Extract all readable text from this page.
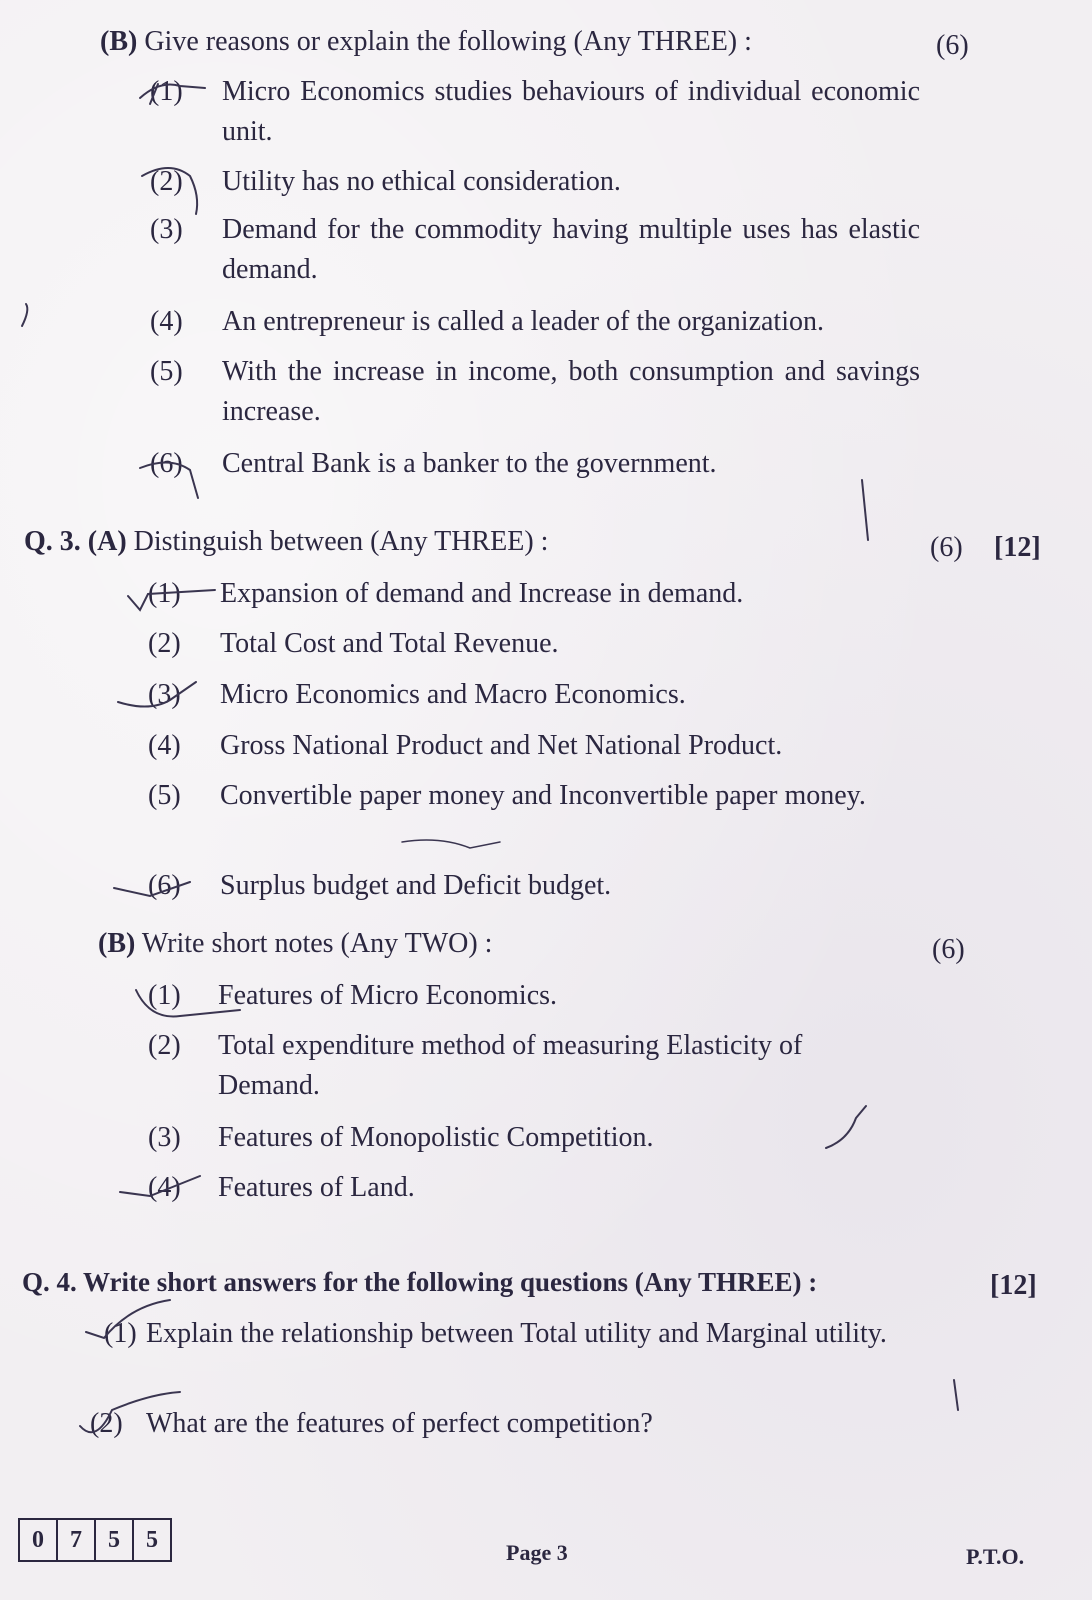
(B) Give reasons or explain the following (Any THREE) :	(6)
(1) Micro Economics studies behaviours of individual economic unit.
(2) Utility has no ethical consideration.
(3) Demand for the commodity having multiple uses has elastic demand.
(4) An entrepreneur is called a leader of the organization.
(5) With the increase in income, both consumption and savings increase.
(6) Central Bank is a banker to the government.
Q. 3. (A) Distinguish between (Any THREE) :	(6) [12]
(1) Expansion of demand and Increase in demand.
(2) Total Cost and Total Revenue.
(3) Micro Economics and Macro Economics.
(4) Gross National Product and Net National Product.
(5) Convertible paper money and Inconvertible paper money.
(6) Surplus budget and Deficit budget.
(B) Write short notes (Any TWO) :	(6)
(1) Features of Micro Economics.
(2) Total expenditure method of measuring Elasticity of Demand.
(3) Features of Monopolistic Competition.
(4) Features of Land.
Q. 4. Write short answers for the following questions (Any THREE) :	[12]
(1) Explain the relationship between Total utility and Marginal utility.
(2) What are the features of perfect competition?
0	7	5	5	Page 3	P.T.O.
